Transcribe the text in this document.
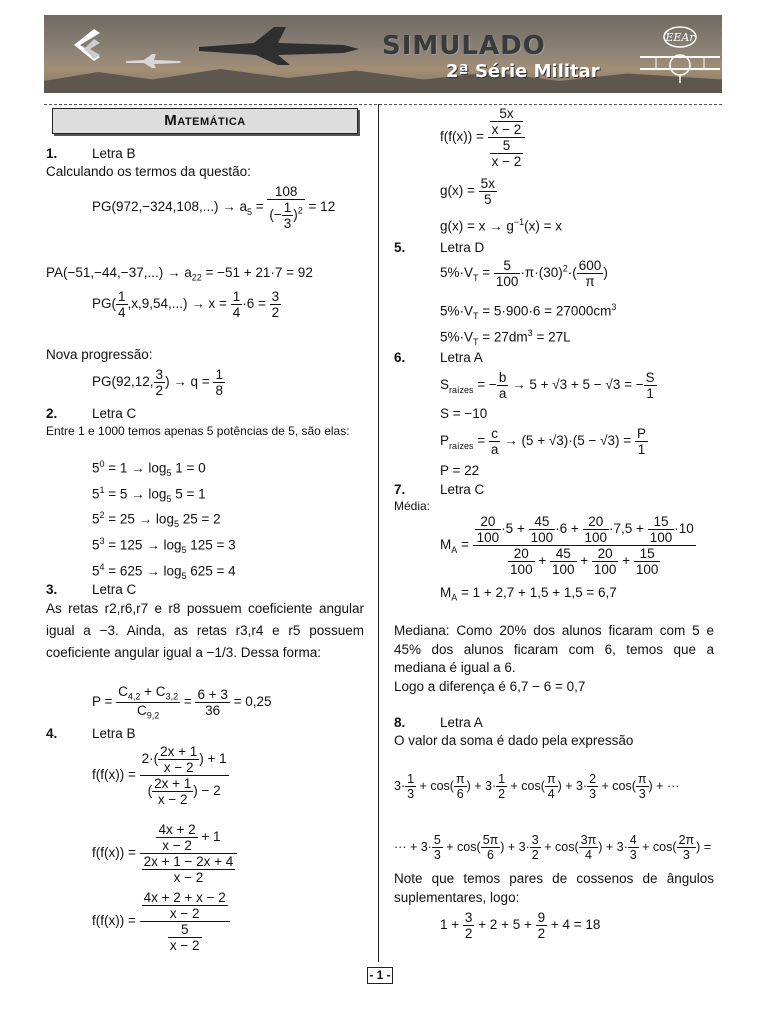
SIMULADO
2ª Série Militar
EEAr
Matemática
1.	Letra B
Calculando os termos da questão:
$PG(972,-324,108,...) \to a_5 = \frac{108}{(- \frac{1}{3} )^2} = 12$
$PA(-51,-44,-37,...) \to a_{22} = -51 + 21\cdot 7 = 92$
$PG( \frac{1}{4} ,x,9,54,...) \to x = \frac{1}{4} \cdot 6 = \frac{3}{2}$
Nova progressão:
PG(92,12, $\frac{3}{2}$ ) → $q = \frac{1}{8}$
2.	Letra C
Entre 1 e 1000 temos apenas 5 potências de 5, são elas:
$5^0 = 1 \to \log_5 1 = 0$
$5^1 = 5 \to \log_5 5 = 1$
$5^2 = 25 \to \log_5 25 = 2$
$5^3 = 125 \to \log_5 125 = 3$
$5^4 = 625 \to \log_5 625 = 4$
3.	Letra C
As retas r2,r6,r7 e r8 possuem coeficiente angular igual a −3. Ainda, as retas r3,r4 e r5 possuem coeficiente angular igual a −1/3. Dessa forma:
$P = \frac{C_{4,2} + C_{3,2}}{C_{9,2}} = \frac{6 + 3}{36} = 0,25$
4.	Letra B
$f(f(x)) = \frac{2\cdot( \frac{2x + 1}{x - 2} ) + 1}{( \frac{2x + 1}{x - 2} ) - 2}$
$f(f(x)) = \frac{\frac{4x + 2}{x - 2} + 1}{\frac{2x + 1 - 2x + 4}{x - 2}}$
$f(f(x)) = \frac{\frac{4x + 2 + x - 2}{x - 2}}{\frac{5}{x - 2}}$
$f(f(x)) = \frac{\frac{5x}{x - 2}}{\frac{5}{x - 2}}$
$g(x) = \frac{5x}{5}$
$g(x) = x \to g^{-1}(x) = x$
5.	Letra D
$5\%\cdot V_T = \frac{5}{100} \cdot\pi\cdot(30)^2\cdot( \frac{600}{\pi}$ )
$5\%\cdot V_T = 5\cdot 900\cdot 6 = 27000cm^3$
$5\%\cdot V_T = 27dm^3 = 27L$
6.	Letra A
$S_{raízes}$ = − $\frac{b}{a} \to 5 + √3 + 5 - √3$ = − $\frac{S}{1}$
S = −10
$P_{raízes} = \frac{c}{a} \to (5 + √3)\cdot(5 - √3) = \frac{P}{1}$
P = 22
7.	Letra C
Média:
$M_A = \frac{\frac{20}{100} \cdot 5 + \frac{45}{100} \cdot 6 + \frac{20}{100} \cdot 7,5 + \frac{15}{100} \cdot 10}{\frac{20}{100} + \frac{45}{100} + \frac{20}{100} + \frac{15}{100}}$
$M_A = 1 + 2,7 + 1,5 + 1,5 = 6,7$
Mediana: Como 20% dos alunos ficaram com 5 e 45% dos alunos ficaram com 6, temos que a mediana é igual a 6.
Logo a diferença é 6,7 − 6 = 0,7
8.	Letra A
O valor da soma é dado pela expressão
$3\cdot \frac{1}{3} + \cos( \frac{\pi}{6}$ ) + $3\cdot \frac{1}{2} + \cos( \frac{\pi}{4}$ ) + $3\cdot \frac{2}{3} + \cos( \frac{\pi}{3}$ ) + ···
··· + $3\cdot \frac{5}{3} + \cos( \frac{5\pi}{6}$ ) + $3\cdot \frac{3}{2} + \cos( \frac{3\pi}{4}$ ) + $3\cdot \frac{4}{3} + \cos( \frac{2\pi}{3}$ ) =
Note que temos pares de cossenos de ângulos suplementares, logo:
$1 + \frac{3}{2} + 2 + 5 + \frac{9}{2} + 4 = 18$
- 1 -
